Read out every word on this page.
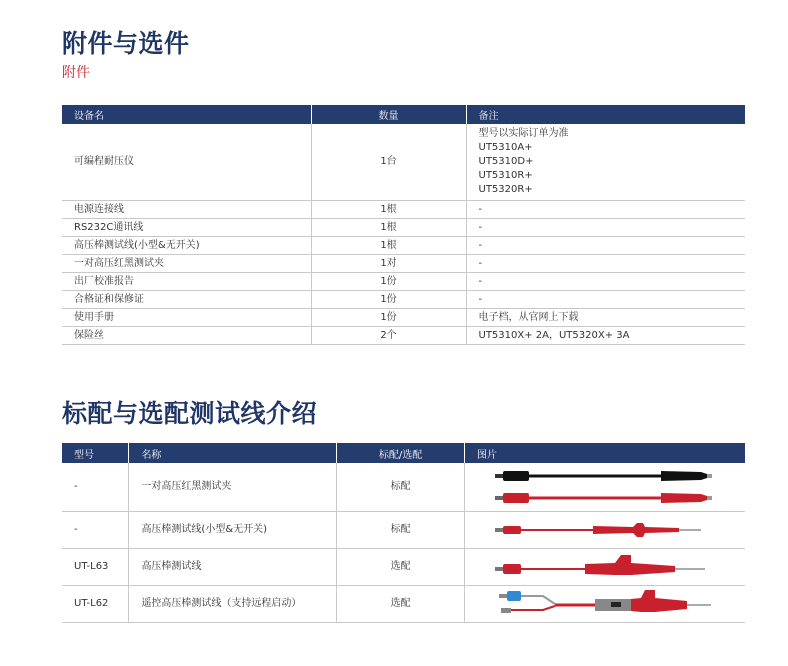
附件与选件
附件
设备名	数量	备注
可编程耐压仪	1台	型号以实际订单为准
UT5310A+
UT5310D+
UT5310R+
UT5320R+

电源连接线	1根	-
RS232C通讯线	1根	-
高压棒测试线(小型&无开关)	1根	-
一对高压红黑测试夹	1对	-
出厂校准报告	1份	-
合格证和保修证	1份	-
使用手册	1份	电子档，从官网上下载
保险丝	2个	UT5310X+ 2A，UT5320X+ 3A
标配与选配测试线介绍
型号	名称	标配/选配	图片
-	一对高压红黑测试夹	标配	

-	高压棒测试线(小型&无开关)	标配	

UT-L63	高压棒测试线	选配	

UT-L62	遥控高压棒测试线（支持远程启动）	选配	
